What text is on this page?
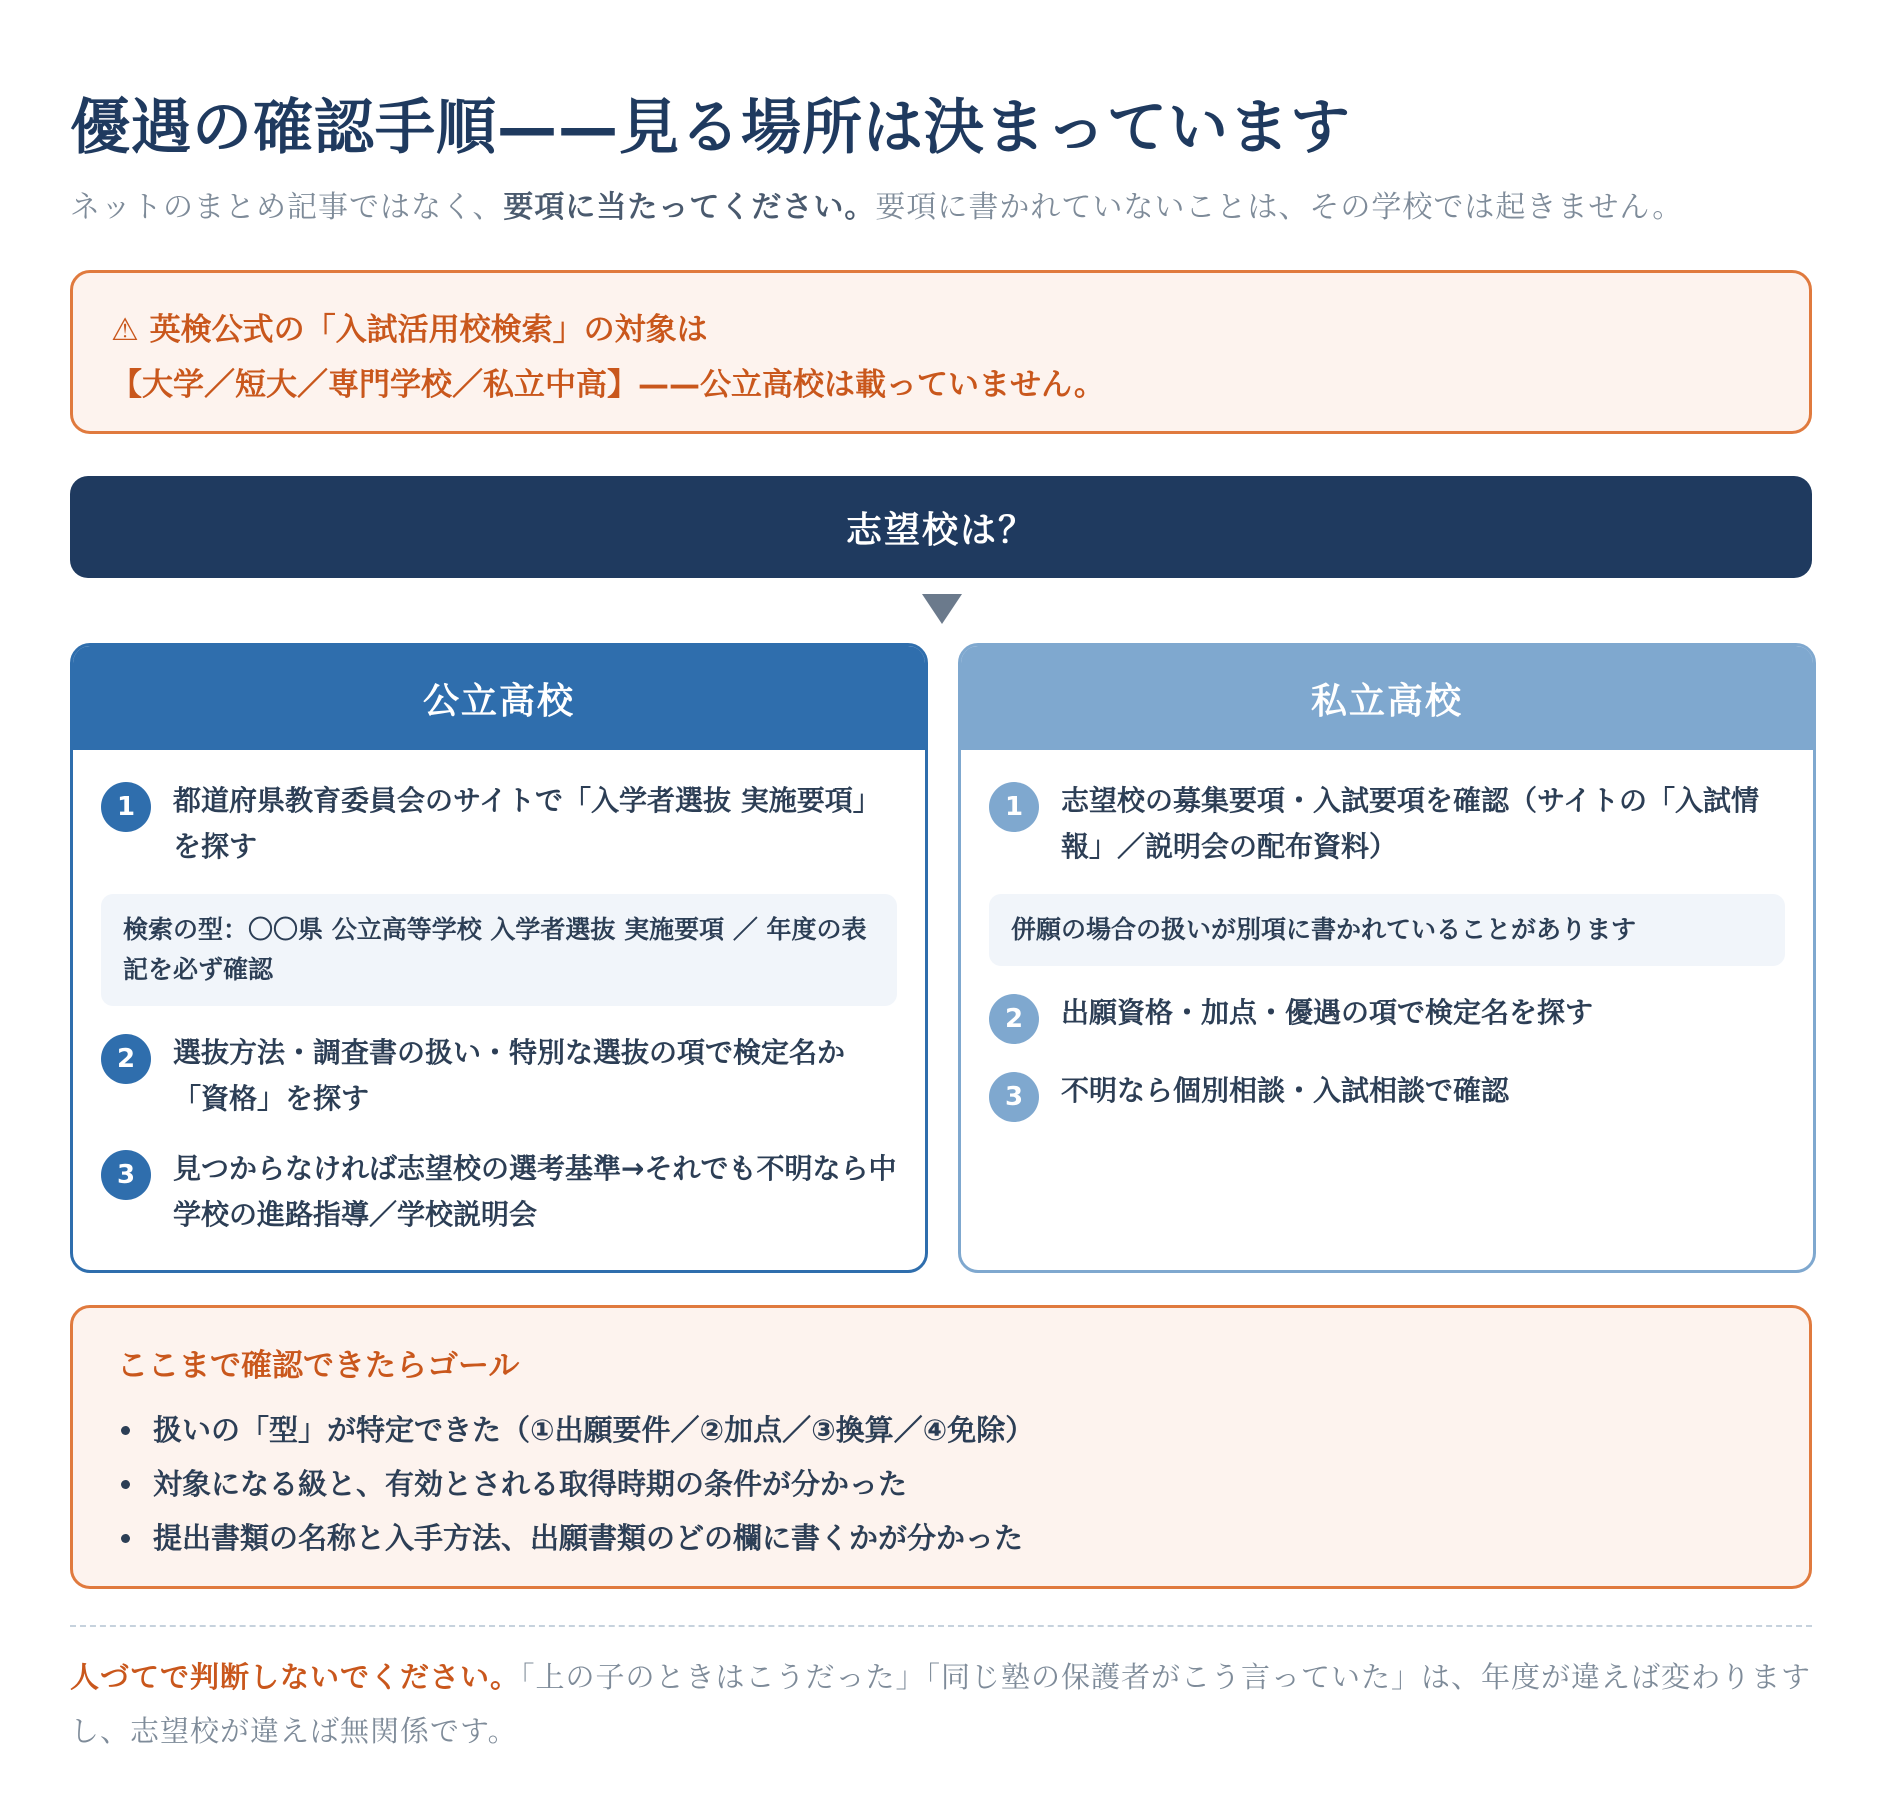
優遇の確認手順——見る場所は決まっています

ネットのまとめ記事ではなく、要項に当たってください。要項に書かれていないことは、その学校では起きません。

⚠ 英検公式の「入試活用校検索」の対象は
【大学／短大／専門学校／私立中高】——公立高校は載っていません。
志望校は？
公立高校
1	都道府県教育委員会のサイトで「入学者選抜 実施要項」を探す
検索の型：〇〇県 公立高等学校 入学者選抜 実施要項 ／ 年度の表記を必ず確認
2	選抜方法・調査書の扱い・特別な選抜の項で検定名か「資格」を探す
3	見つからなければ志望校の選考基準→それでも不明なら中学校の進路指導／学校説明会
私立高校
1	志望校の募集要項・入試要項を確認（サイトの「入試情報」／説明会の配布資料）
併願の場合の扱いが別項に書かれていることがあります
2	出願資格・加点・優遇の項で検定名を探す
3	不明なら個別相談・入試相談で確認
ここまで確認できたらゴール
扱いの「型」が特定できた（①出願要件／②加点／③換算／④免除）
対象になる級と、有効とされる取得時期の条件が分かった
提出書類の名称と入手方法、出願書類のどの欄に書くかが分かった

人づてで判断しないでください。「上の子のときはこうだった」「同じ塾の保護者がこう言っていた」は、年度が違えば変わりますし、志望校が違えば無関係です。
